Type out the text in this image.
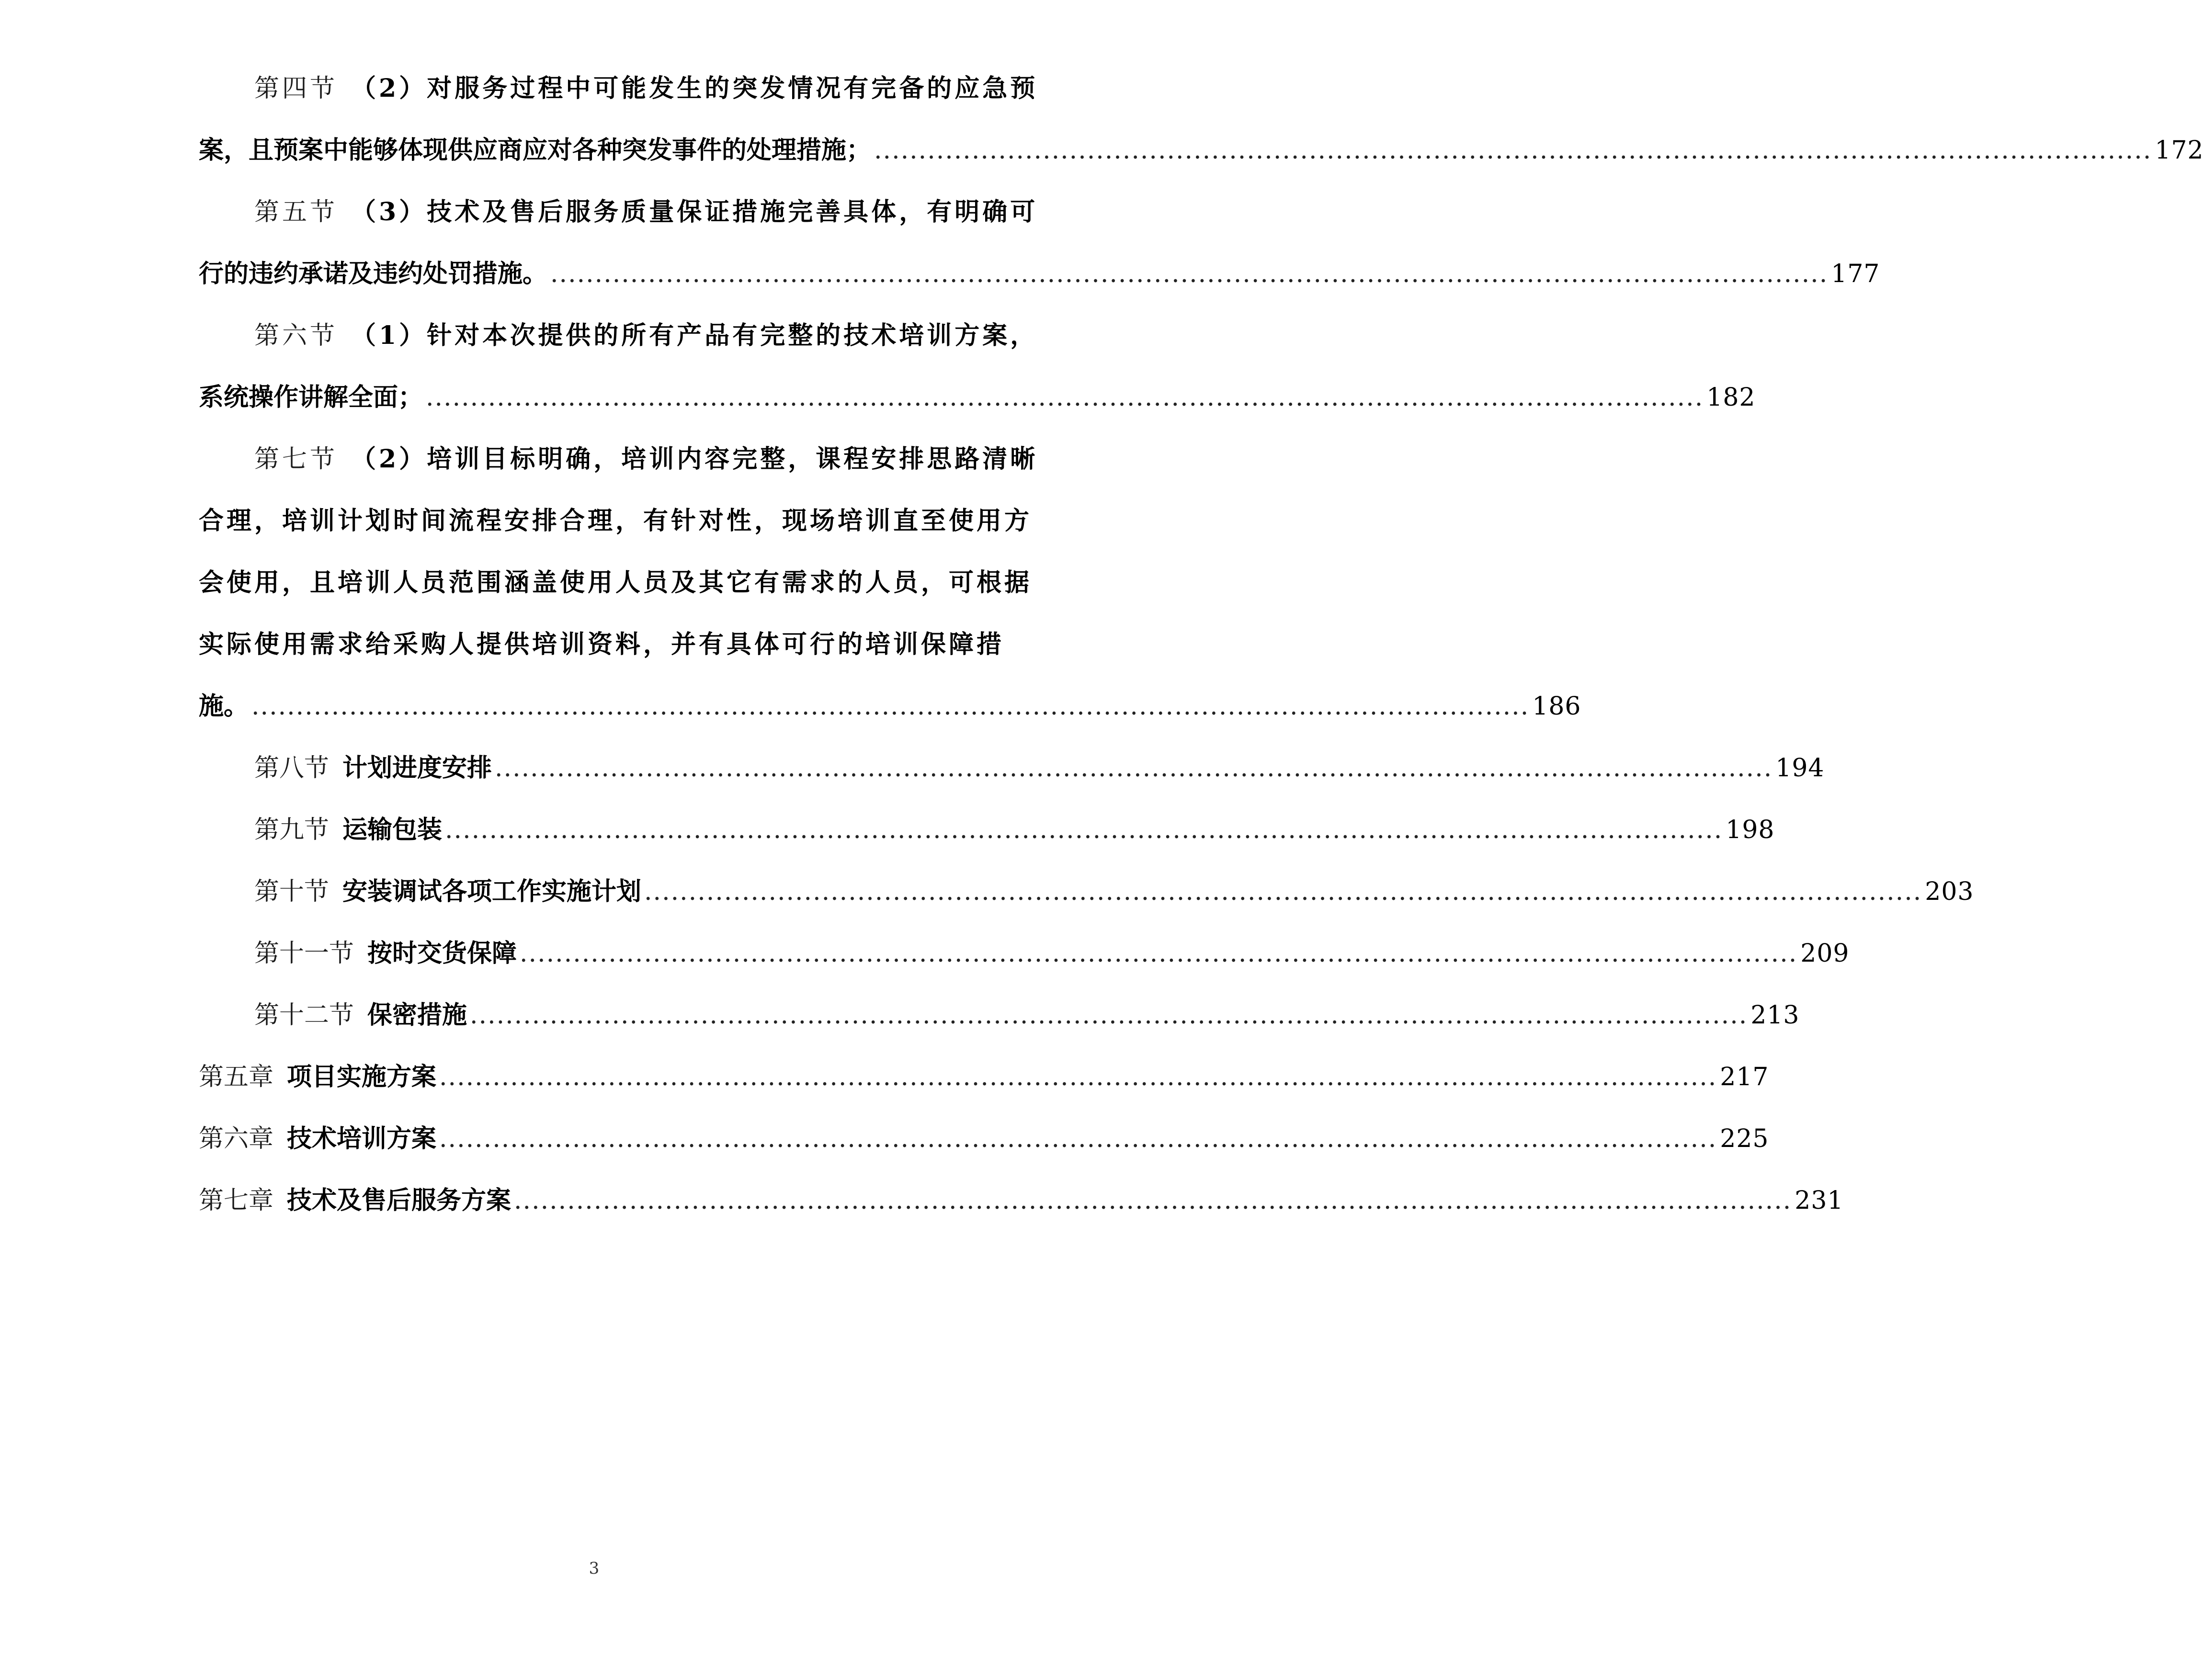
第四节 （2）对服务过程中可能发生的突发情况有完备的应急预
案，且预案中能够体现供应商应对各种突发事件的处理措施； ................................................................................................................................................ 172
第五节 （3）技术及售后服务质量保证措施完善具体，有明确可
行的违约承诺及违约处罚措施。 ................................................................................................................................................ 177
第六节 （1）针对本次提供的所有产品有完整的技术培训方案，
系统操作讲解全面； ................................................................................................................................................ 182
第七节 （2）培训目标明确，培训内容完整，课程安排思路清晰
合理，培训计划时间流程安排合理，有针对性，现场培训直至使用方
会使用，且培训人员范围涵盖使用人员及其它有需求的人员，可根据
实际使用需求给采购人提供培训资料，并有具体可行的培训保障措
施。 ................................................................................................................................................ 186
第八节 计划进度安排 ................................................................................................................................................ 194
第九节 运输包装 ................................................................................................................................................ 198
第十节 安装调试各项工作实施计划 ................................................................................................................................................ 203
第十一节 按时交货保障 ................................................................................................................................................ 209
第十二节 保密措施 ................................................................................................................................................ 213
第五章 项目实施方案 ................................................................................................................................................ 217
第六章 技术培训方案 ................................................................................................................................................ 225
第七章 技术及售后服务方案 ................................................................................................................................................ 231
3
